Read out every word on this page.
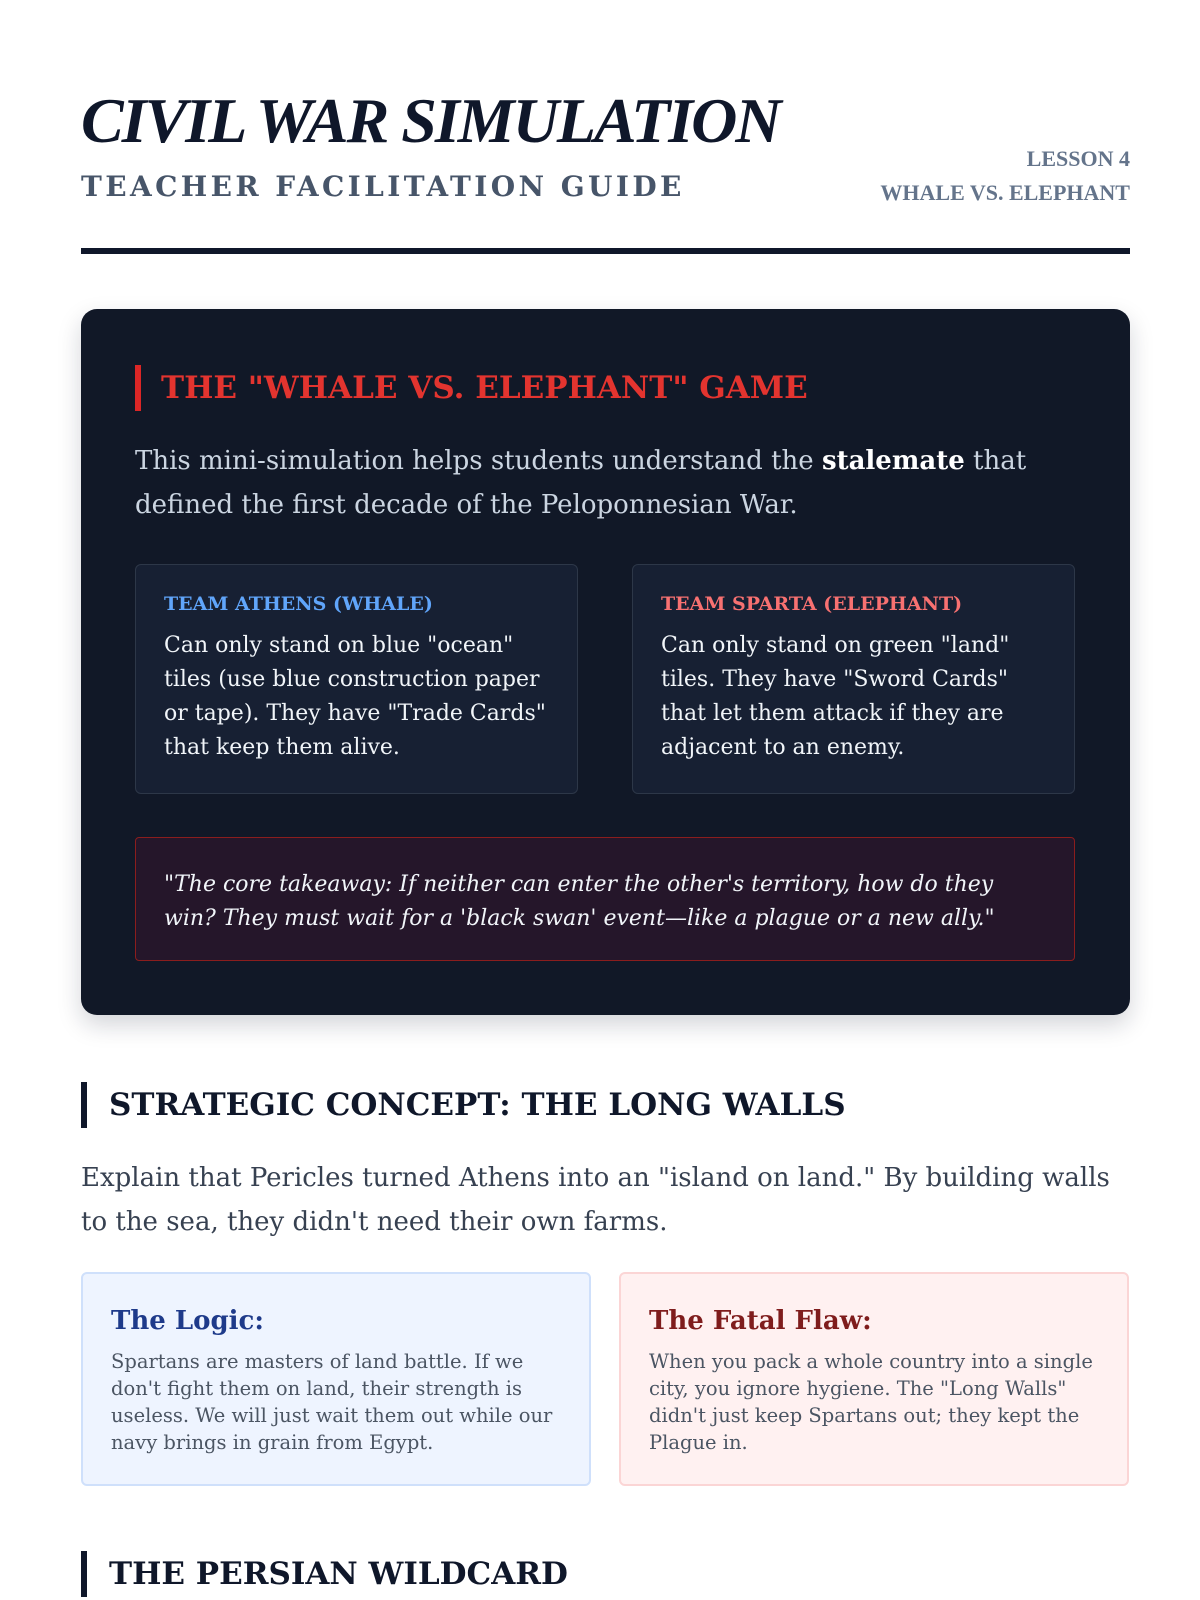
CIVIL WAR SIMULATION
TEACHER FACILITATION GUIDE
LESSON 4
WHALE VS. ELEPHANT
THE "WHALE VS. ELEPHANT" GAME

This mini-simulation helps students understand the stalemate that defined the first decade of the Peloponnesian War.

TEAM ATHENS (WHALE)
Can only stand on blue "ocean" tiles (use blue construction paper or tape). They have "Trade Cards" that keep them alive.
TEAM SPARTA (ELEPHANT)
Can only stand on green "land" tiles. They have "Sword Cards" that let them attack if they are adjacent to an enemy.
"The core takeaway: If neither can enter the other's territory, how do they win? They must wait for a 'black swan' event—like a plague or a new ally."
STRATEGIC CONCEPT: THE LONG WALLS

Explain that Pericles turned Athens into an "island on land." By building walls to the sea, they didn't need their own farms.

The Logic:
Spartans are masters of land battle. If we don't fight them on land, their strength is useless. We will just wait them out while our navy brings in grain from Egypt.
The Fatal Flaw:
When you pack a whole country into a single city, you ignore hygiene. The "Long Walls" didn't just keep Spartans out; they kept the Plague in.
THE PERSIAN WILDCARD
